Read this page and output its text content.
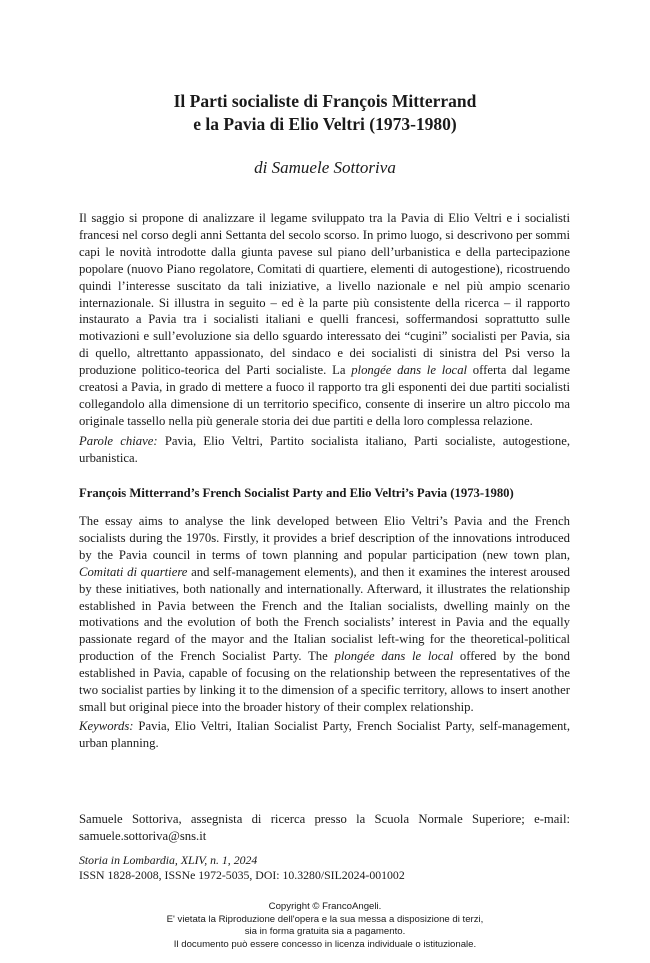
Il Parti socialiste di François Mitterrand
e la Pavia di Elio Veltri (1973-1980)
di Samuele Sottoriva

Il saggio si propone di analizzare il legame sviluppato tra la Pavia di Elio Veltri e i socialisti francesi nel corso degli anni Settanta del secolo scorso. In primo luogo, si descrivono per sommi capi le novità introdotte dalla giunta pavese sul piano dell’urbanistica e della partecipazione popolare (nuovo Piano regolatore, Comitati di quartiere, elementi di autogestione), ricostruendo quindi l’interesse suscitato da tali iniziative, a livello nazionale e nel più ampio scenario internazionale. Si illustra in seguito – ed è la parte più consistente della ricerca – il rapporto instaurato a Pavia tra i socialisti italiani e quelli francesi, soffermandosi soprattutto sulle motivazioni e sull’evoluzione sia dello sguardo interessato dei “cugini” socialisti per Pavia, sia di quello, altrettanto appassionato, del sindaco e dei socialisti di sinistra del Psi verso la produzione politico-teorica del Parti socialiste. La plongée dans le local offerta dal legame creatosi a Pavia, in grado di mettere a fuoco il rapporto tra gli esponenti dei due partiti socialisti collegandolo alla dimensione di un territorio specifico, consente di inserire un altro piccolo ma originale tassello nella più generale storia dei due partiti e della loro complessa relazione.

Parole chiave: Pavia, Elio Veltri, Partito socialista italiano, Parti socialiste, autogestione, urbanistica.

François Mitterrand’s French Socialist Party and Elio Veltri’s Pavia (1973-1980)

The essay aims to analyse the link developed between Elio Veltri’s Pavia and the French socialists during the 1970s. Firstly, it provides a brief description of the innovations introduced by the Pavia council in terms of town planning and popular participation (new town plan, Comitati di quartiere and self-management elements), and then it examines the interest aroused by these initiatives, both nationally and internationally. Afterward, it illustrates the relationship established in Pavia between the French and the Italian socialists, dwelling mainly on the motivations and the evolution of both the French socialists’ interest in Pavia and the equally passionate regard of the mayor and the Italian socialist left-wing for the theoretical-political production of the French Socialist Party. The plongée dans le local offered by the bond established in Pavia, capable of focusing on the relationship between the representatives of the two socialist parties by linking it to the dimension of a specific territory, allows to insert another small but original piece into the broader history of their complex relationship.

Keywords: Pavia, Elio Veltri, Italian Socialist Party, French Socialist Party, self-management, urban planning.

Samuele Sottoriva, assegnista di ricerca presso la Scuola Normale Superiore; e-mail: samuele.sottoriva@sns.it
Storia in Lombardia, XLIV, n. 1, 2024
ISSN 1828-2008, ISSNe 1972-5035, DOI: 10.3280/SIL2024-001002
Copyright © FrancoAngeli.
E' vietata la Riproduzione dell'opera e la sua messa a disposizione di terzi,
sia in forma gratuita sia a pagamento.
Il documento può essere concesso in licenza individuale o istituzionale.
